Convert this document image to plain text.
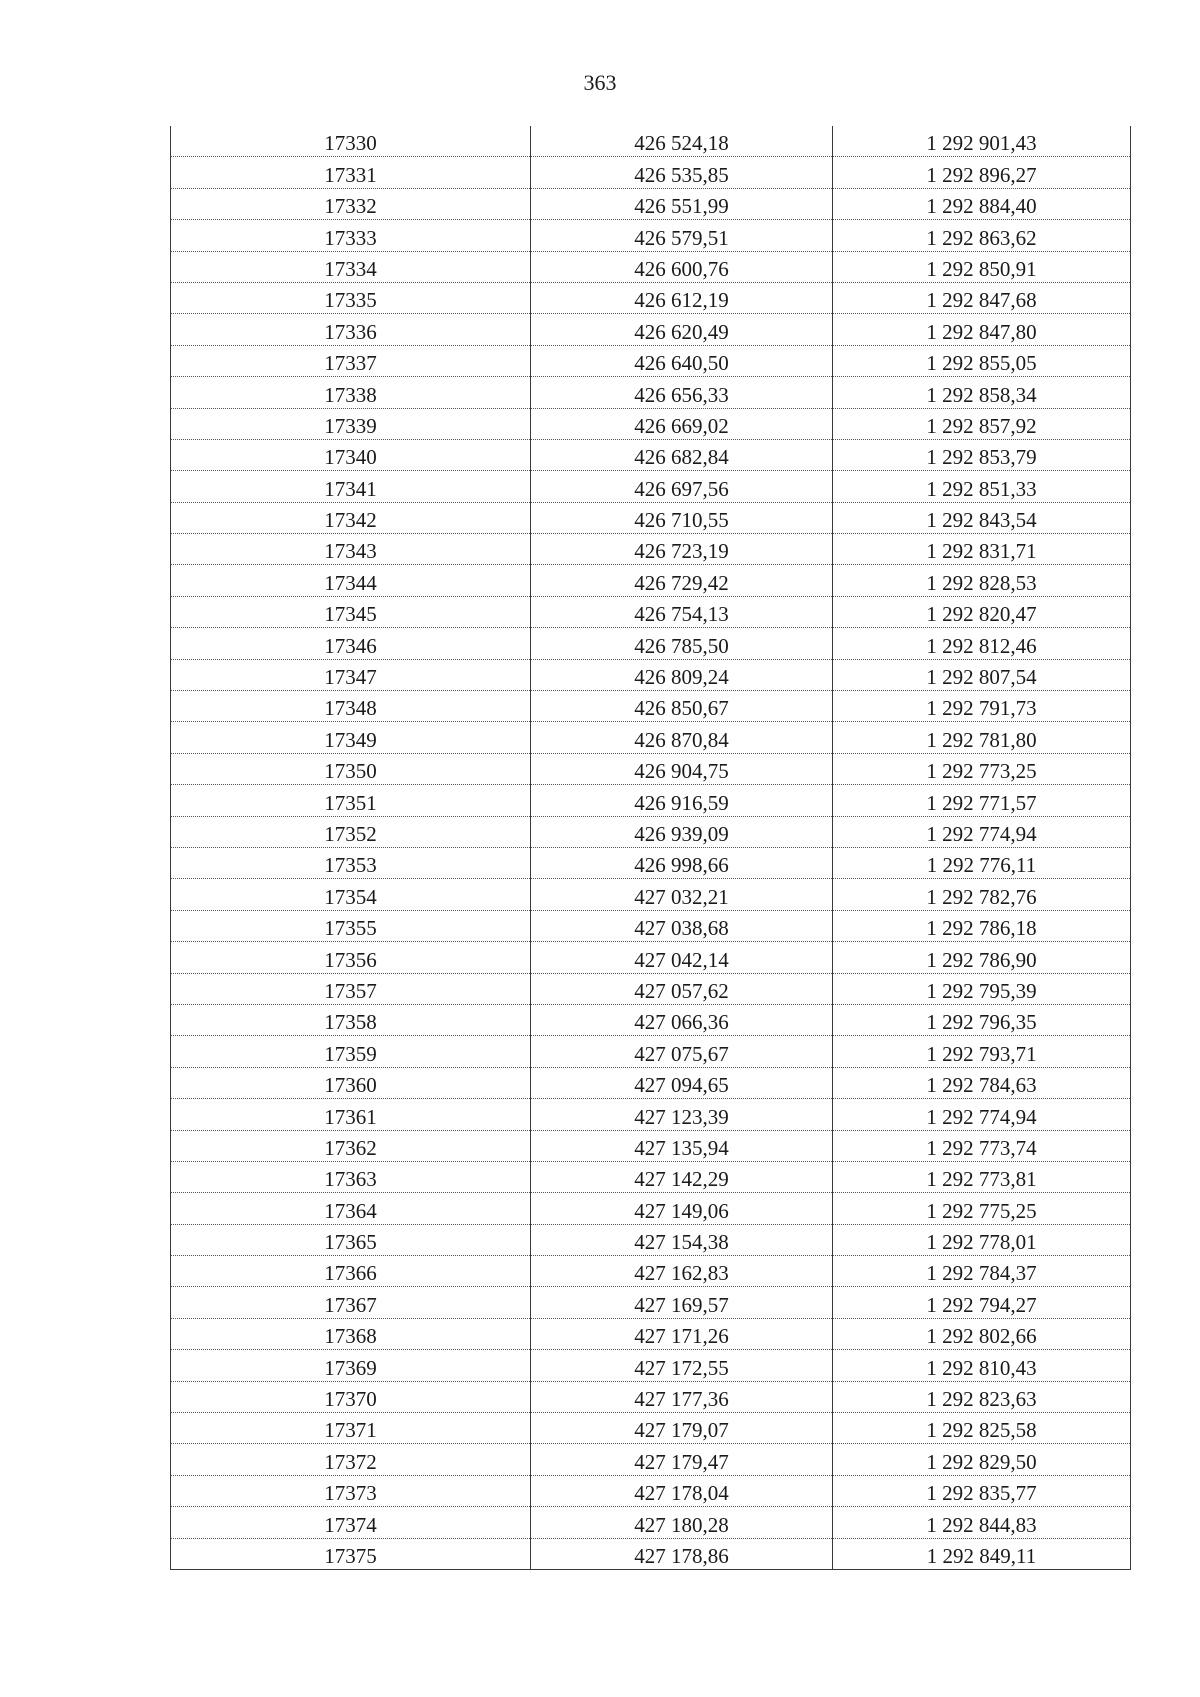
363
17330	426 524,18	1 292 901,43
17331	426 535,85	1 292 896,27
17332	426 551,99	1 292 884,40
17333	426 579,51	1 292 863,62
17334	426 600,76	1 292 850,91
17335	426 612,19	1 292 847,68
17336	426 620,49	1 292 847,80
17337	426 640,50	1 292 855,05
17338	426 656,33	1 292 858,34
17339	426 669,02	1 292 857,92
17340	426 682,84	1 292 853,79
17341	426 697,56	1 292 851,33
17342	426 710,55	1 292 843,54
17343	426 723,19	1 292 831,71
17344	426 729,42	1 292 828,53
17345	426 754,13	1 292 820,47
17346	426 785,50	1 292 812,46
17347	426 809,24	1 292 807,54
17348	426 850,67	1 292 791,73
17349	426 870,84	1 292 781,80
17350	426 904,75	1 292 773,25
17351	426 916,59	1 292 771,57
17352	426 939,09	1 292 774,94
17353	426 998,66	1 292 776,11
17354	427 032,21	1 292 782,76
17355	427 038,68	1 292 786,18
17356	427 042,14	1 292 786,90
17357	427 057,62	1 292 795,39
17358	427 066,36	1 292 796,35
17359	427 075,67	1 292 793,71
17360	427 094,65	1 292 784,63
17361	427 123,39	1 292 774,94
17362	427 135,94	1 292 773,74
17363	427 142,29	1 292 773,81
17364	427 149,06	1 292 775,25
17365	427 154,38	1 292 778,01
17366	427 162,83	1 292 784,37
17367	427 169,57	1 292 794,27
17368	427 171,26	1 292 802,66
17369	427 172,55	1 292 810,43
17370	427 177,36	1 292 823,63
17371	427 179,07	1 292 825,58
17372	427 179,47	1 292 829,50
17373	427 178,04	1 292 835,77
17374	427 180,28	1 292 844,83
17375	427 178,86	1 292 849,11
